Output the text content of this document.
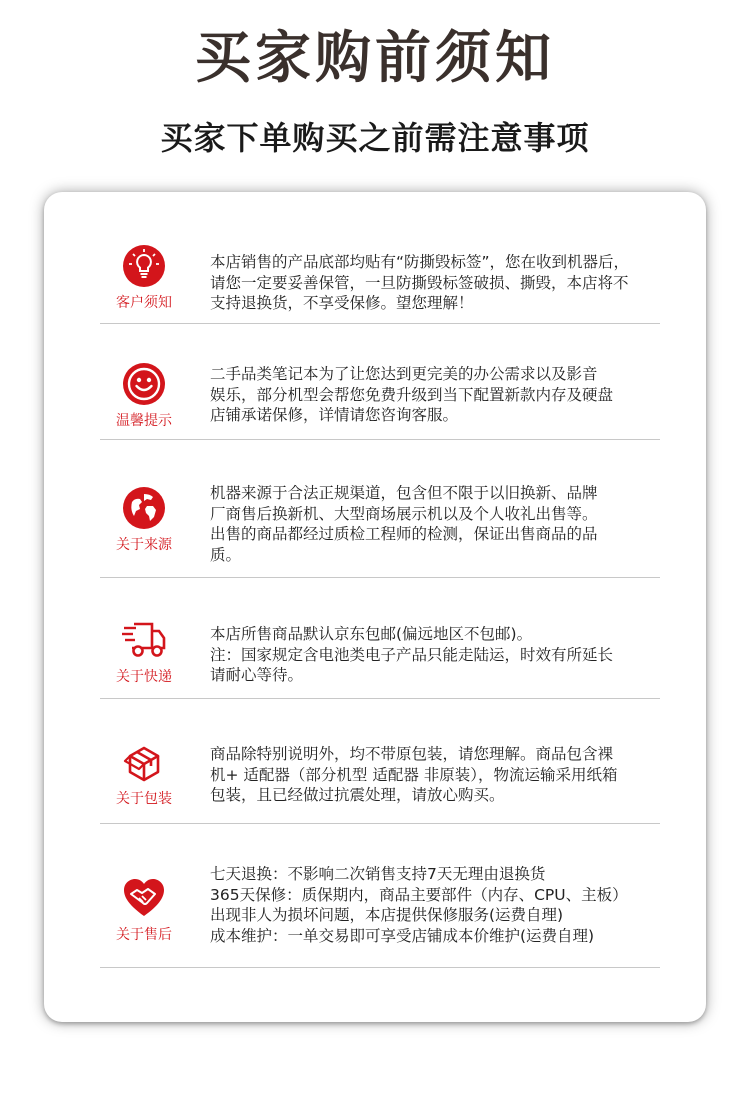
买家购前须知
买家下单购买之前需注意事项
客户须知
本店销售的产品底部均贴有“防撕毁标签”，您在收到机器后，
请您一定要妥善保管，一旦防撕毁标签破损、撕毁，本店将不
支持退换货，不享受保修。望您理解！
温馨提示
二手品类笔记本为了让您达到更完美的办公需求以及影音
娱乐，部分机型会帮您免费升级到当下配置新款内存及硬盘
店铺承诺保修，详情请您咨询客服。
关于来源
机器来源于合法正规渠道，包含但不限于以旧换新、品牌
厂商售后换新机、大型商场展示机以及个人收礼出售等。
出售的商品都经过质检工程师的检测，保证出售商品的品
质。
关于快递
本店所售商品默认京东包邮(偏远地区不包邮)。
注：国家规定含电池类电子产品只能走陆运，时效有所延长
请耐心等待。
关于包装
商品除特别说明外，均不带原包装，请您理解。商品包含裸
机+ 适配器（部分机型 适配器 非原装），物流运输采用纸箱
包装，且已经做过抗震处理，请放心购买。
关于售后
七天退换：不影响二次销售支持7天无理由退换货
365天保修：质保期内，商品主要部件（内存、CPU、主板）
出现非人为损坏问题，本店提供保修服务(运费自理)
成本维护：一单交易即可享受店铺成本价维护(运费自理)
